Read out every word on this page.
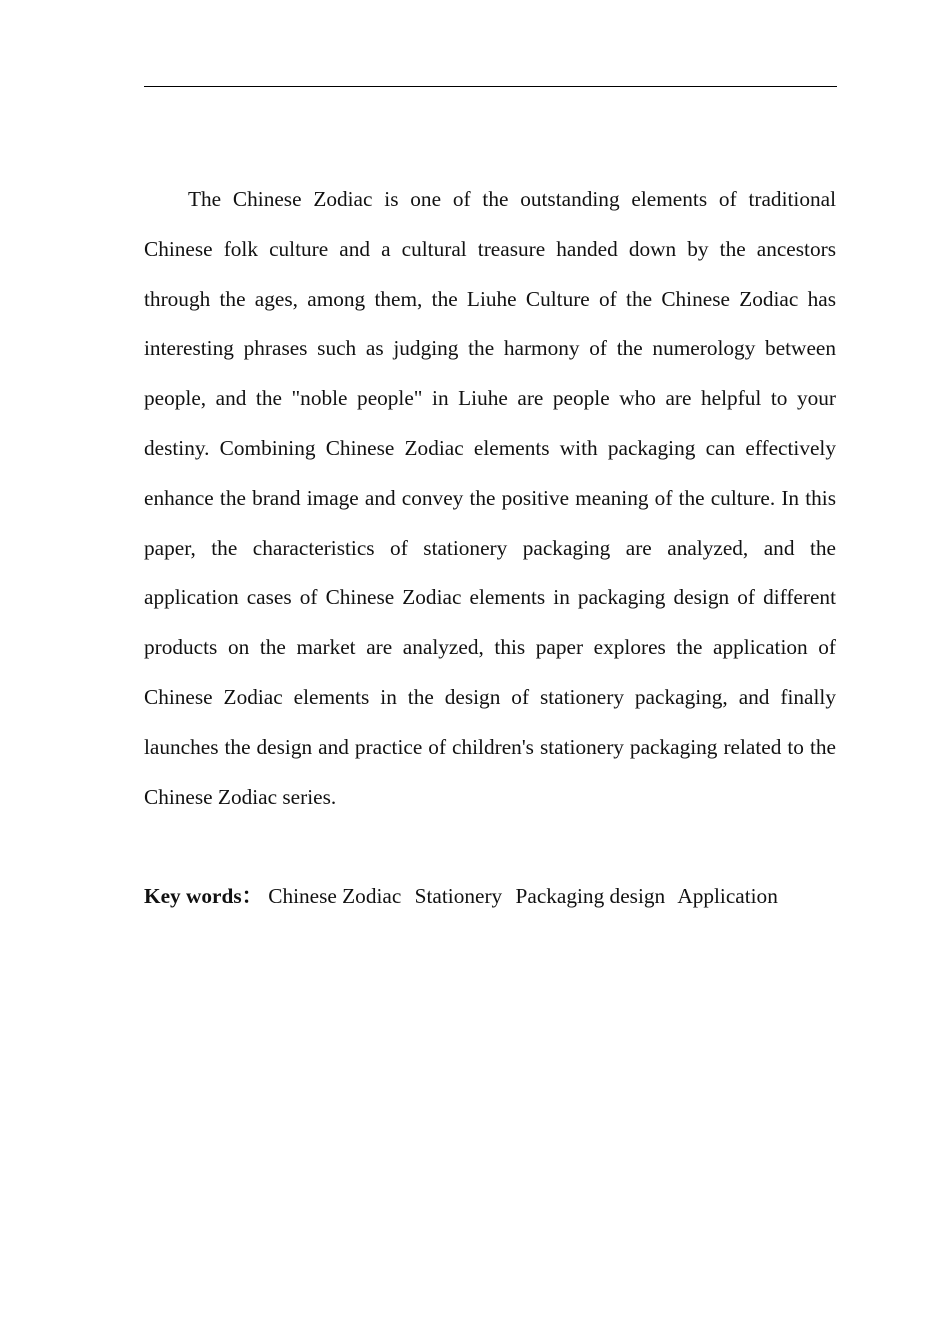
The Chinese Zodiac is one of the outstanding elements of traditional Chinese folk culture and a cultural treasure handed down by the ancestors through the ages, among them, the Liuhe Culture of the Chinese Zodiac has interesting phrases such as judging the harmony of the numerology between people, and the "noble people" in Liuhe are people who are helpful to your destiny. Combining Chinese Zodiac elements with packaging can effectively enhance the brand image and convey the positive meaning of the culture. In this paper, the characteristics of stationery packaging are analyzed, and the application cases of Chinese Zodiac elements in packaging design of different products on the market are analyzed, this paper explores the application of Chinese Zodiac elements in the design of stationery packaging, and finally launches the design and practice of children's stationery packaging related to the Chinese Zodiac series.

Key words： Chinese Zodiac Stationery Packaging design Application
